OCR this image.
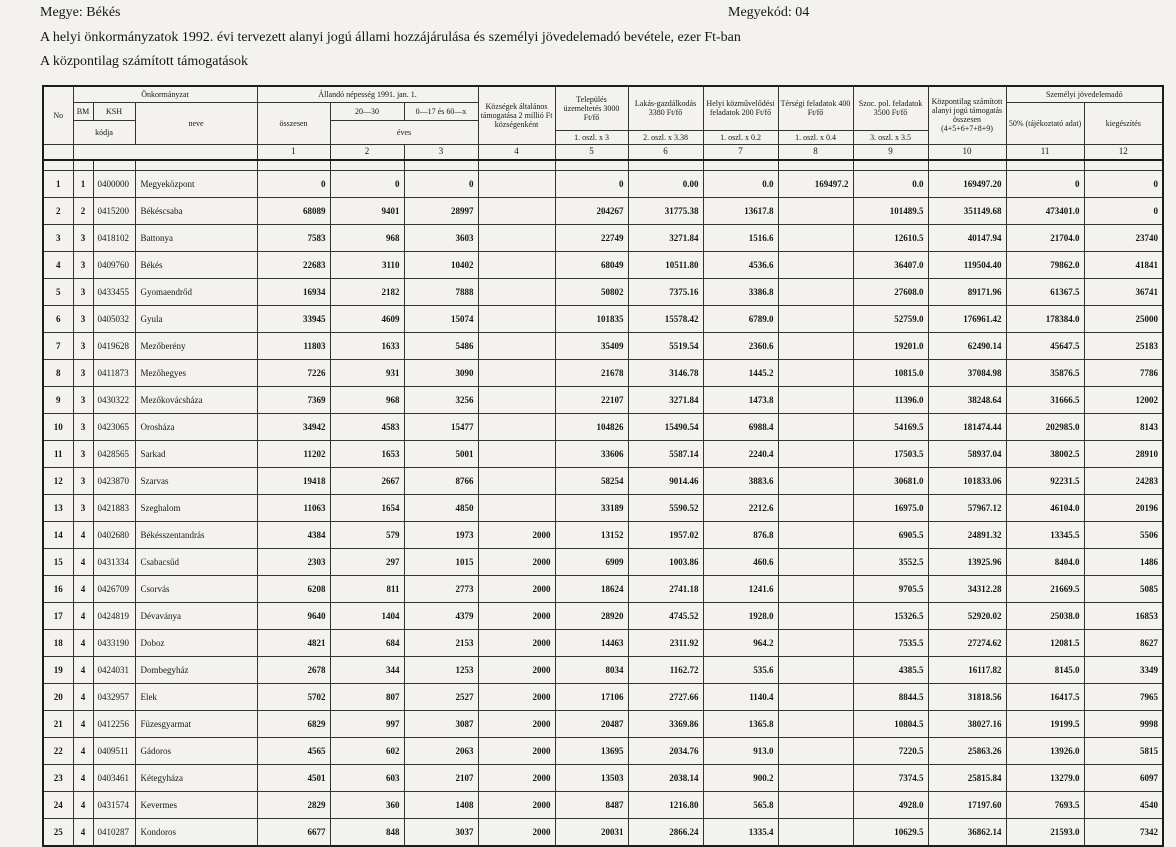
Megye: Békés	Megyekód: 04
A helyi önkormányzatok 1992. évi tervezett alanyi jogú állami hozzájárulása és személyi jövedelemadó bevétele, ezer Ft-ban
A központilag számított támogatások
No	Önkormányzat			Állandó népesség 1991. jan. 1.			Községek általános támogatása 2 millió Ft községenként	Település üzemeltetés 3000 Ft/fő	Lakás-gazdálkodás 3380 Ft/fő	Helyi közművelődési feladatok 200 Ft/fő	Térségi feladatok 400 Ft/fő	Szoc. pol. feladatok 3500 Ft/fő	Központilag számított alanyi jogú támogatás összesen (4+5+6+7+8+9)	Személyi jövedelemadó	
	BM	KSH	neve	összesen	20—30	0—17 és 60—x								50% (tájékoztató adat)	kiegészítés
	kódja				éves										
								1. oszl. x 3	2. oszl. x 3.38	1. oszl. x 0.2	1. oszl. x 0.4	3. oszl. x 3.5			
				1	2	3	4	5	6	7	8	9	10	11	12

1	1	0400000	Megyeközpont	0	0	0		0	0.00	0.0	169497.2	0.0	169497.20	0	0
2	2	0415200	Békéscsaba	68089	9401	28997		204267	31775.38	13617.8		101489.5	351149.68	473401.0	0
3	3	0418102	Battonya	7583	968	3603		22749	3271.84	1516.6		12610.5	40147.94	21704.0	23740
4	3	0409760	Békés	22683	3110	10402		68049	10511.80	4536.6		36407.0	119504.40	79862.0	41841
5	3	0433455	Gyomaendrőd	16934	2182	7888		50802	7375.16	3386.8		27608.0	89171.96	61367.5	36741
6	3	0405032	Gyula	33945	4609	15074		101835	15578.42	6789.0		52759.0	176961.42	178384.0	25000
7	3	0419628	Mezőberény	11803	1633	5486		35409	5519.54	2360.6		19201.0	62490.14	45647.5	25183
8	3	0411873	Mezőhegyes	7226	931	3090		21678	3146.78	1445.2		10815.0	37084.98	35876.5	7786
9	3	0430322	Mezőkovácsháza	7369	968	3256		22107	3271.84	1473.8		11396.0	38248.64	31666.5	12002
10	3	0423065	Orosháza	34942	4583	15477		104826	15490.54	6988.4		54169.5	181474.44	202985.0	8143
11	3	0428565	Sarkad	11202	1653	5001		33606	5587.14	2240.4		17503.5	58937.04	38002.5	28910
12	3	0423870	Szarvas	19418	2667	8766		58254	9014.46	3883.6		30681.0	101833.06	92231.5	24283
13	3	0421883	Szeghalom	11063	1654	4850		33189	5590.52	2212.6		16975.0	57967.12	46104.0	20196
14	4	0402680	Békésszentandrás	4384	579	1973	2000	13152	1957.02	876.8		6905.5	24891.32	13345.5	5506
15	4	0431334	Csabacsűd	2303	297	1015	2000	6909	1003.86	460.6		3552.5	13925.96	8404.0	1486
16	4	0426709	Csorvás	6208	811	2773	2000	18624	2741.18	1241.6		9705.5	34312.28	21669.5	5085
17	4	0424819	Dévaványa	9640	1404	4379	2000	28920	4745.52	1928.0		15326.5	52920.02	25038.0	16853
18	4	0433190	Doboz	4821	684	2153	2000	14463	2311.92	964.2		7535.5	27274.62	12081.5	8627
19	4	0424031	Dombegyház	2678	344	1253	2000	8034	1162.72	535.6		4385.5	16117.82	8145.0	3349
20	4	0432957	Elek	5702	807	2527	2000	17106	2727.66	1140.4		8844.5	31818.56	16417.5	7965
21	4	0412256	Füzesgyarmat	6829	997	3087	2000	20487	3369.86	1365.8		10804.5	38027.16	19199.5	9998
22	4	0409511	Gádoros	4565	602	2063	2000	13695	2034.76	913.0		7220.5	25863.26	13926.0	5815
23	4	0403461	Kétegyháza	4501	603	2107	2000	13503	2038.14	900.2		7374.5	25815.84	13279.0	6097
24	4	0431574	Kevermes	2829	360	1408	2000	8487	1216.80	565.8		4928.0	17197.60	7693.5	4540
25	4	0410287	Kondoros	6677	848	3037	2000	20031	2866.24	1335.4		10629.5	36862.14	21593.0	7342
